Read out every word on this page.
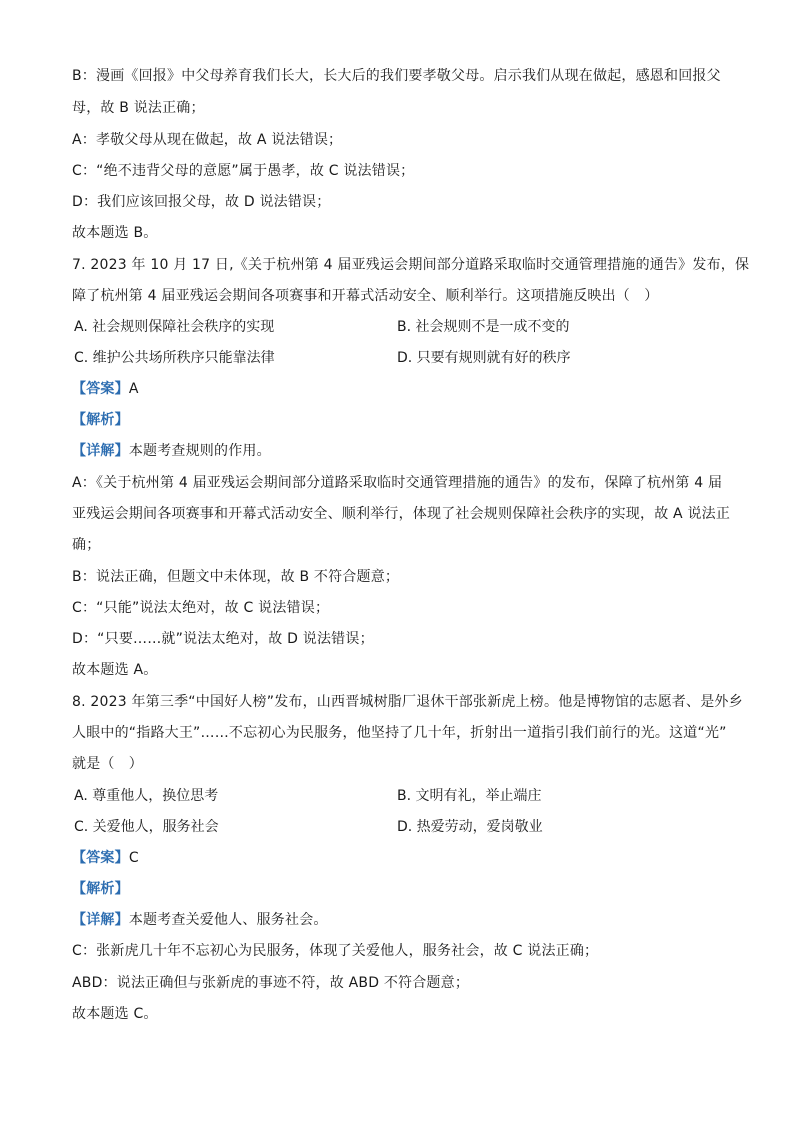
B：漫画《回报》中父母养育我们长大，长大后的我们要孝敬父母。启示我们从现在做起，感恩和回报父
母，故 B 说法正确；
A：孝敬父母从现在做起，故 A 说法错误；
C：“绝不违背父母的意愿”属于愚孝，故 C 说法错误；
D：我们应该回报父母，故 D 说法错误；
故本题选 B。
7. 2023 年 10 月 17 日,《关于杭州第 4 届亚残运会期间部分道路采取临时交通管理措施的通告》发布，保
障了杭州第 4 届亚残运会期间各项赛事和开幕式活动安全、顺利举行。这项措施反映出（　）
A. 社会规则保障社会秩序的实现	B. 社会规则不是一成不变的
C. 维护公共场所秩序只能靠法律	D. 只要有规则就有好的秩序
【答案】A
【解析】
【详解】本题考查规则的作用。
A：《关于杭州第 4 届亚残运会期间部分道路采取临时交通管理措施的通告》的发布，保障了杭州第 4 届
亚残运会期间各项赛事和开幕式活动安全、顺利举行，体现了社会规则保障社会秩序的实现，故 A 说法正
确；
B：说法正确，但题文中未体现，故 B 不符合题意；
C：“只能”说法太绝对，故 C 说法错误；
D：“只要……就”说法太绝对，故 D 说法错误；
故本题选 A。
8. 2023 年第三季“中国好人榜”发布，山西晋城树脂厂退休干部张新虎上榜。他是博物馆的志愿者、是外乡
人眼中的“指路大王”……不忘初心为民服务，他坚持了几十年，折射出一道指引我们前行的光。这道“光”
就是（　）
A. 尊重他人，换位思考	B. 文明有礼，举止端庄
C. 关爱他人，服务社会	D. 热爱劳动，爱岗敬业
【答案】C
【解析】
【详解】本题考查关爱他人、服务社会。
C：张新虎几十年不忘初心为民服务，体现了关爱他人，服务社会，故 C 说法正确；
ABD：说法正确但与张新虎的事迹不符，故 ABD 不符合题意；
故本题选 C。
